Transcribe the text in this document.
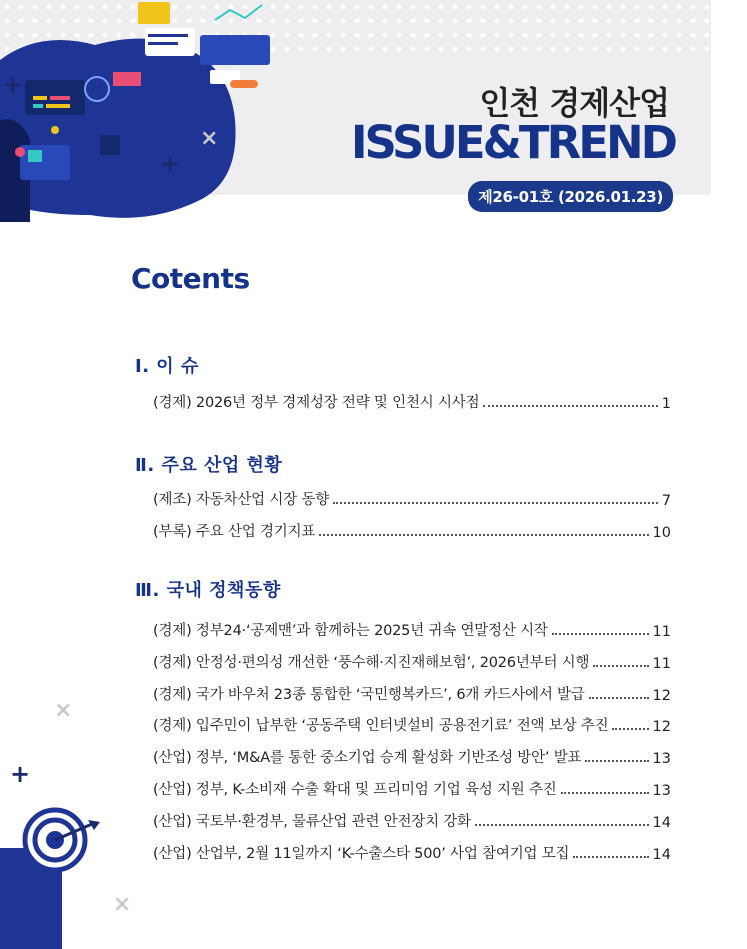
+
+
×
인천 경제산업
ISSUE&TREND
제26-01호 (2026.01.23)
Cotents
Ⅰ. 이 슈
(경제) 2026년 정부 경제성장 전략 및 인천시 시사점	1
Ⅱ. 주요 산업 현황
(제조) 자동차산업 시장 동향	7
(부록) 주요 산업 경기지표	10
Ⅲ. 국내 정책동향
(경제) 정부24·‘공제맨’과 함께하는 2025년 귀속 연말정산 시작	11
(경제) 안정성·편의성 개선한 ‘풍수해·지진재해보험’, 2026년부터 시행	11
(경제) 국가 바우처 23종 통합한 ‘국민행복카드’, 6개 카드사에서 발급	12
(경제) 입주민이 납부한 ‘공동주택 인터넷설비 공용전기료’ 전액 보상 추진	12
(산업) 정부, ‘M&A를 통한 중소기업 승계 활성화 기반조성 방안’ 발표	13
(산업) 정부, K-소비재 수출 확대 및 프리미엄 기업 육성 지원 추진	13
(산업) 국토부·환경부, 물류산업 관련 안전장치 강화	14
(산업) 산업부, 2월 11일까지 ‘K-수출스타 500’ 사업 참여기업 모집	14
×
+
×
